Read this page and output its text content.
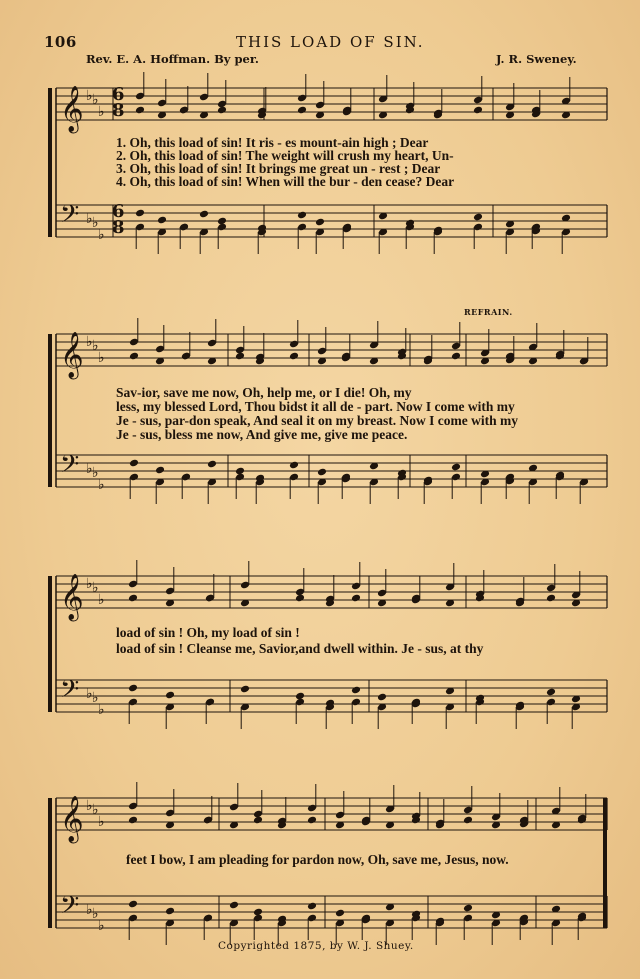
𝄞
𝄢
♭
♭
♭
♭
♭
♭
𝄞
𝄢
♭
♭
♭
♭
♭
♭
𝄞
𝄢
♭
♭
♭
♭
♭
♭
𝄞
𝄢
♭
♭
♭
♭
♭
♭
6
8
6
8
106	THIS LOAD OF SIN.
Rev. E. A. Hoffman. By per.	J. R. Sweney.
REFRAIN.
1. Oh, this load of sin! It ris - es mount-ain high ; Dear
2. Oh, this load of sin! The weight will crush my heart, Un-
3. Oh, this load of sin! It brings me great un - rest ; Dear
4. Oh, this load of sin! When will the bur - den cease? Dear
Sav-ior, save me now, Oh, help me, or I die! Oh, my
less, my blessed Lord, Thou bidst it all de - part. Now I come with my
Je - sus, par-don speak, And seal it on my breast. Now I come with my
Je - sus, bless me now, And give me, give me peace.
load of sin ! Oh, my load of sin !
load of sin ! Cleanse me, Savior,and dwell within. Je - sus, at thy
feet I bow, I am pleading for pardon now, Oh, save me, Jesus, now.
Copyrighted 1875, by W. J. Shuey.
